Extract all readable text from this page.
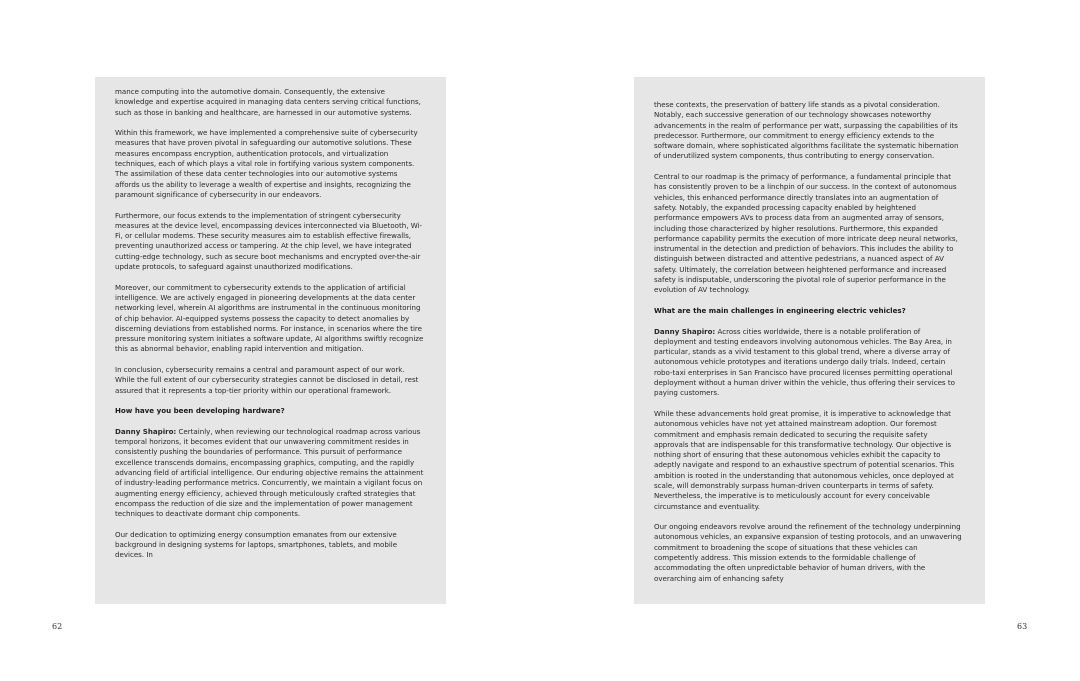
mance computing into the automotive domain. Consequently, the extensive knowledge and expertise acquired in managing data centers serving critical functions, such as those in banking and healthcare, are harnessed in our automotive systems.

Within this framework, we have implemented a comprehensive suite of cybersecurity measures that have proven pivotal in safeguarding our automotive solutions. These measures encompass encryption, authentication protocols, and virtualization techniques, each of which plays a vital role in fortifying various system components. The assimilation of these data center technologies into our automotive systems affords us the ability to leverage a wealth of expertise and insights, recognizing the paramount significance of cybersecurity in our endeavors.

Furthermore, our focus extends to the implementation of stringent cybersecurity measures at the device level, encompassing devices interconnected via Bluetooth, Wi-Fi, or cellular modems. These security measures aim to establish effective firewalls, preventing unauthorized access or tampering. At the chip level, we have integrated cutting-edge technology, such as secure boot mechanisms and encrypted over-the-air update protocols, to safeguard against unauthorized modifications.

Moreover, our commitment to cybersecurity extends to the application of artificial intelligence. We are actively engaged in pioneering developments at the data center networking level, wherein AI algorithms are instrumental in the continuous monitoring of chip behavior. AI-equipped systems possess the capacity to detect anomalies by discerning deviations from established norms. For instance, in scenarios where the tire pressure monitoring system initiates a software update, AI algorithms swiftly recognize this as abnormal behavior, enabling rapid intervention and mitigation.

In conclusion, cybersecurity remains a central and paramount aspect of our work. While the full extent of our cybersecurity strategies cannot be disclosed in detail, rest assured that it represents a top-tier priority within our operational framework.

How have you been developing hardware?

Danny Shapiro: Certainly, when reviewing our technological roadmap across various temporal horizons, it becomes evident that our unwavering commitment resides in consistently pushing the boundaries of performance. This pursuit of performance excellence transcends domains, encompassing graphics, computing, and the rapidly advancing field of artificial intelligence. Our enduring objective remains the attainment of industry-leading performance metrics. Concurrently, we maintain a vigilant focus on augmenting energy efficiency, achieved through meticulously crafted strategies that encompass the reduction of die size and the implementation of power management techniques to deactivate dormant chip components.

Our dedication to optimizing energy consumption emanates from our extensive background in designing systems for laptops, smartphones, tablets, and mobile devices. In

these contexts, the preservation of battery life stands as a pivotal consideration. Notably, each successive generation of our technology showcases noteworthy advancements in the realm of performance per watt, surpassing the capabilities of its predecessor. Furthermore, our commitment to energy efficiency extends to the software domain, where sophisticated algorithms facilitate the systematic hibernation of underutilized system components, thus contributing to energy conservation.

Central to our roadmap is the primacy of performance, a fundamental principle that has consistently proven to be a linchpin of our success. In the context of autonomous vehicles, this enhanced performance directly translates into an augmentation of safety. Notably, the expanded processing capacity enabled by heightened performance empowers AVs to process data from an augmented array of sensors, including those characterized by higher resolutions. Furthermore, this expanded performance capability permits the execution of more intricate deep neural networks, instrumental in the detection and prediction of behaviors. This includes the ability to distinguish between distracted and attentive pedestrians, a nuanced aspect of AV safety. Ultimately, the correlation between heightened performance and increased safety is indisputable, underscoring the pivotal role of superior performance in the evolution of AV technology.

What are the main challenges in engineering electric vehicles?

Danny Shapiro: Across cities worldwide, there is a notable proliferation of deployment and testing endeavors involving autonomous vehicles. The Bay Area, in particular, stands as a vivid testament to this global trend, where a diverse array of autonomous vehicle prototypes and iterations undergo daily trials. Indeed, certain robo-taxi enterprises in San Francisco have procured licenses permitting operational deployment without a human driver within the vehicle, thus offering their services to paying customers.

While these advancements hold great promise, it is imperative to acknowledge that autonomous vehicles have not yet attained mainstream adoption. Our foremost commitment and emphasis remain dedicated to securing the requisite safety approvals that are indispensable for this transformative technology. Our objective is nothing short of ensuring that these autonomous vehicles exhibit the capacity to adeptly navigate and respond to an exhaustive spectrum of potential scenarios. This ambition is rooted in the understanding that autonomous vehicles, once deployed at scale, will demonstrably surpass human-driven counterparts in terms of safety. Nevertheless, the imperative is to meticulously account for every conceivable circumstance and eventuality.

Our ongoing endeavors revolve around the refinement of the technology underpinning autonomous vehicles, an expansive expansion of testing protocols, and an unwavering commitment to broadening the scope of situations that these vehicles can competently address. This mission extends to the formidable challenge of accommodating the often unpredictable behavior of human drivers, with the overarching aim of enhancing safety

62	63
